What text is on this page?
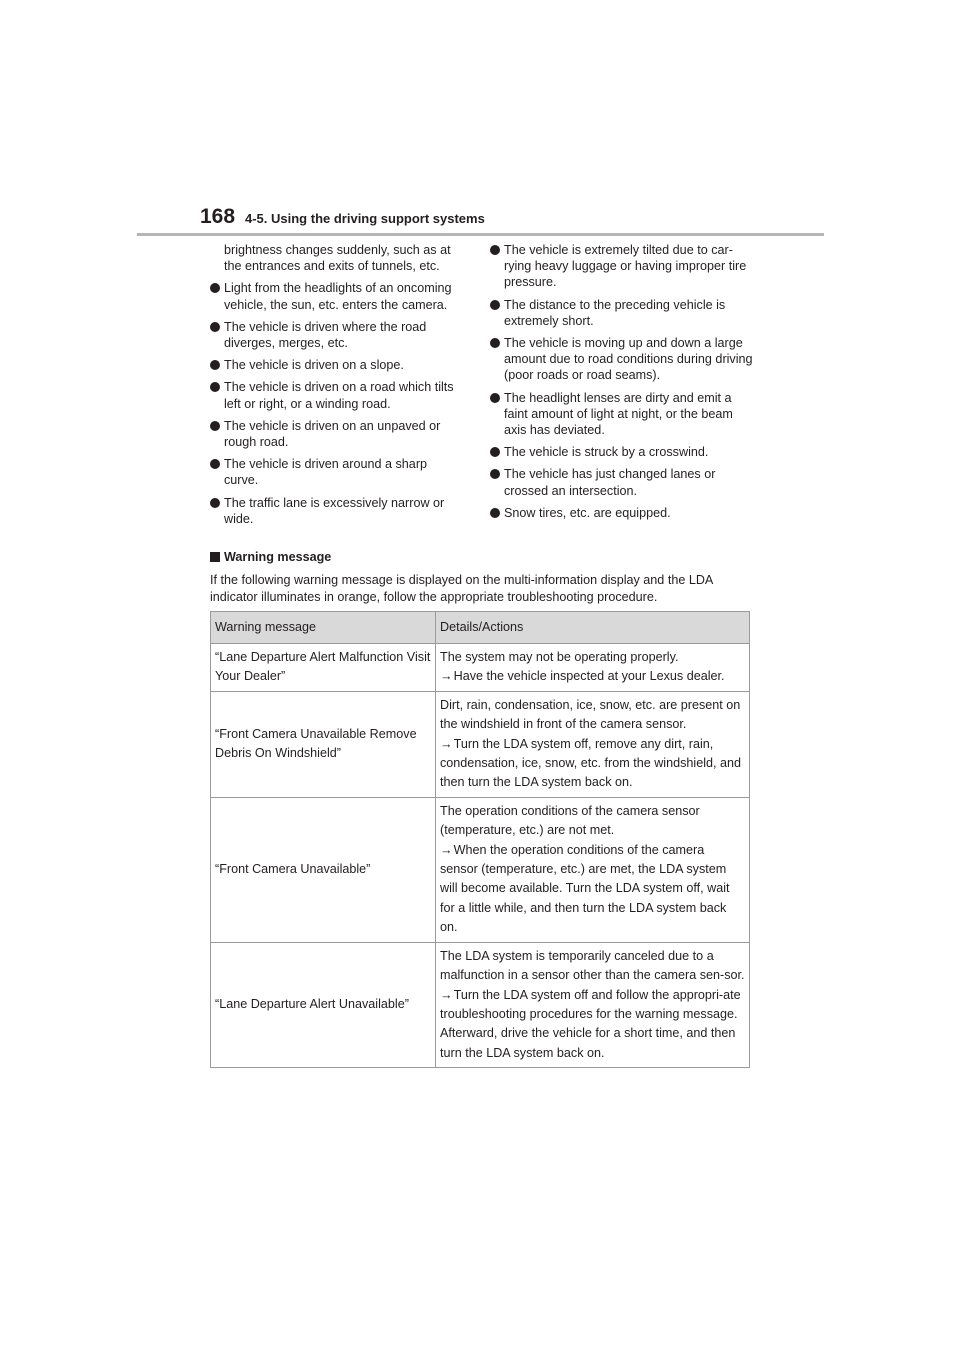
168 4-5. Using the driving support systems
brightness changes suddenly, such as at the entrances and exits of tunnels, etc.
Light from the headlights of an oncoming vehicle, the sun, etc. enters the camera.
The vehicle is driven where the road diverges, merges, etc.
The vehicle is driven on a slope.
The vehicle is driven on a road which tilts left or right, or a winding road.
The vehicle is driven on an unpaved or rough road.
The vehicle is driven around a sharp curve.
The traffic lane is excessively narrow or wide.
The vehicle is extremely tilted due to car-rying heavy luggage or having improper tire pressure.
The distance to the preceding vehicle is extremely short.
The vehicle is moving up and down a large amount due to road conditions during driving (poor roads or road seams).
The headlight lenses are dirty and emit a faint amount of light at night, or the beam axis has deviated.
The vehicle is struck by a crosswind.
The vehicle has just changed lanes or crossed an intersection.
Snow tires, etc. are equipped.
Warning message
If the following warning message is displayed on the multi-information display and the LDA indicator illuminates in orange, follow the appropriate troubleshooting procedure.
Warning message	Details/Actions
“Lane Departure Alert Malfunction Visit Your Dealer”	The system may not be operating properly.
→Have the vehicle inspected at your Lexus dealer.

“Front Camera Unavailable Remove Debris On Windshield”	Dirt, rain, condensation, ice, snow, etc. are present on the windshield in front of the camera sensor.
→Turn the LDA system off, remove any dirt, rain, condensation, ice, snow, etc. from the windshield, and then turn the LDA system back on.

“Front Camera Unavailable”	The operation conditions of the camera sensor (temperature, etc.) are not met.
→When the operation conditions of the camera sensor (temperature, etc.) are met, the LDA system will become available. Turn the LDA system off, wait for a little while, and then turn the LDA system back on.

“Lane Departure Alert Unavailable”	The LDA system is temporarily canceled due to a malfunction in a sensor other than the camera sen-sor.
→Turn the LDA system off and follow the appropri-ate troubleshooting procedures for the warning message. Afterward, drive the vehicle for a short time, and then turn the LDA system back on.
